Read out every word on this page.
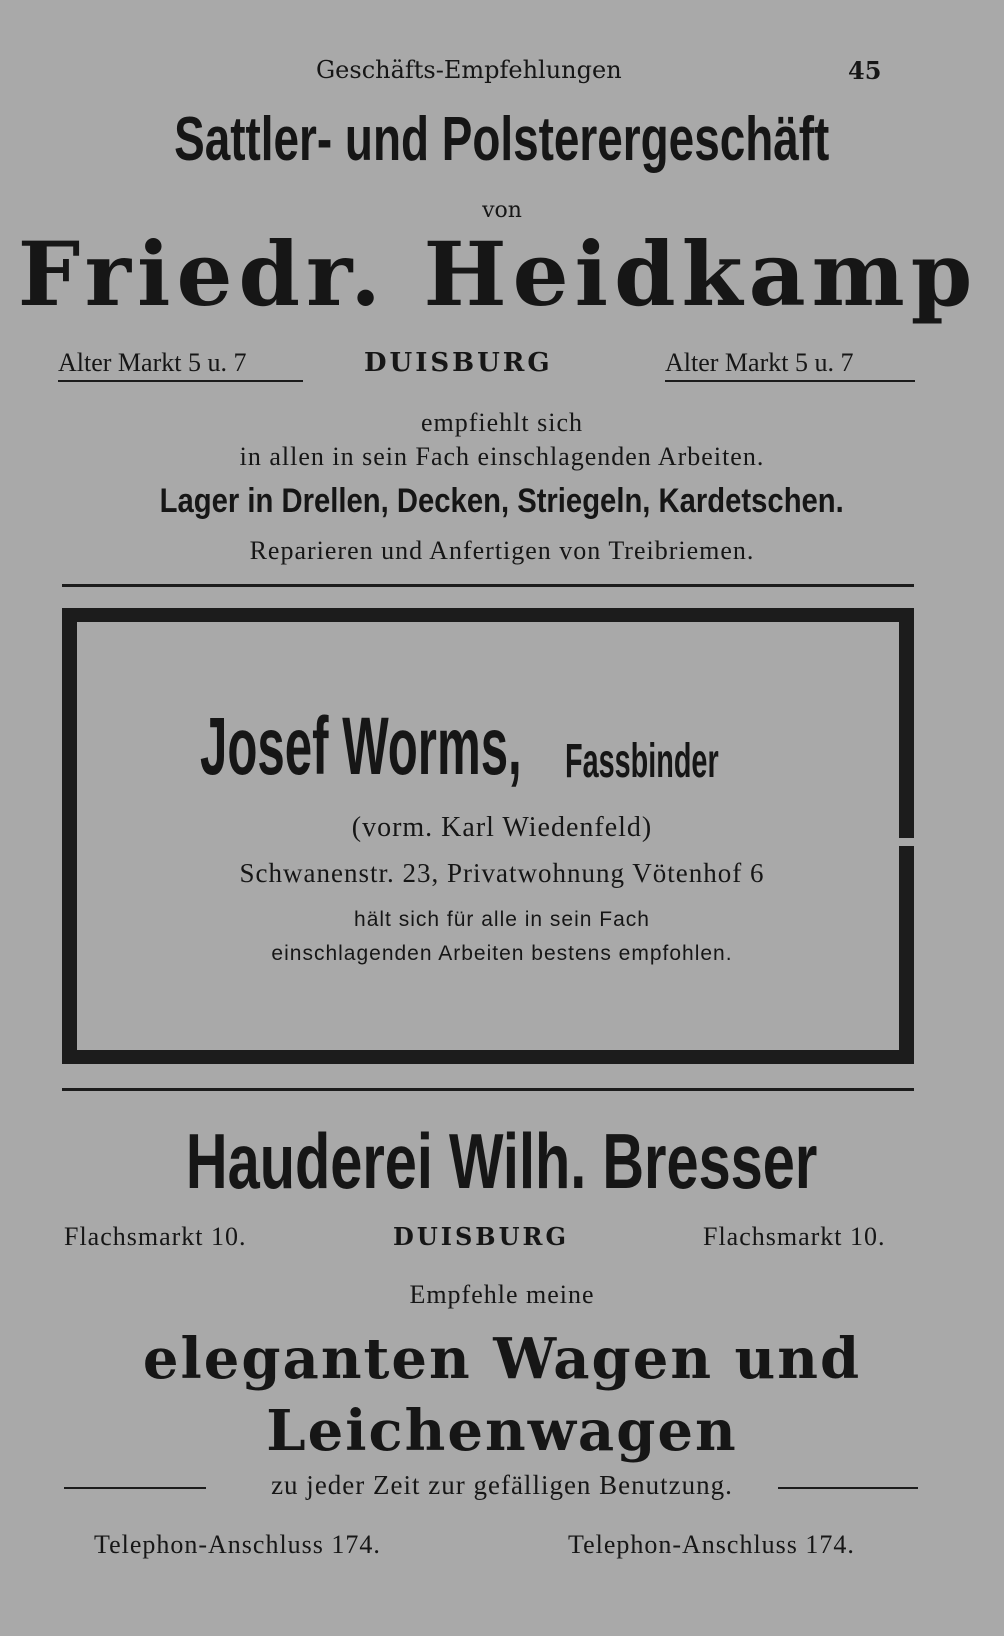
Geschäfts-Empfehlungen	45
Sattler- und Polsterergeschäft
von
Friedr. Heidkamp
Alter Markt 5 u. 7	DUISBURG	Alter Markt 5 u. 7
empfiehlt sich
in allen in sein Fach einschlagenden Arbeiten.
Lager in Drellen, Decken, Striegeln, Kardetschen.
Reparieren und Anfertigen von Treibriemen.
Josef Worms, Fassbinder
(vorm. Karl Wiedenfeld)
Schwanenstr. 23, Privatwohnung Vötenhof 6
hält sich für alle in sein Fach
einschlagenden Arbeiten bestens empfohlen.
Hauderei Wilh. Bresser
Flachsmarkt 10.	DUISBURG	Flachsmarkt 10.
Empfehle meine
eleganten Wagen und
Leichenwagen
zu jeder Zeit zur gefälligen Benutzung.
Telephon-Anschluss 174.	Telephon-Anschluss 174.
